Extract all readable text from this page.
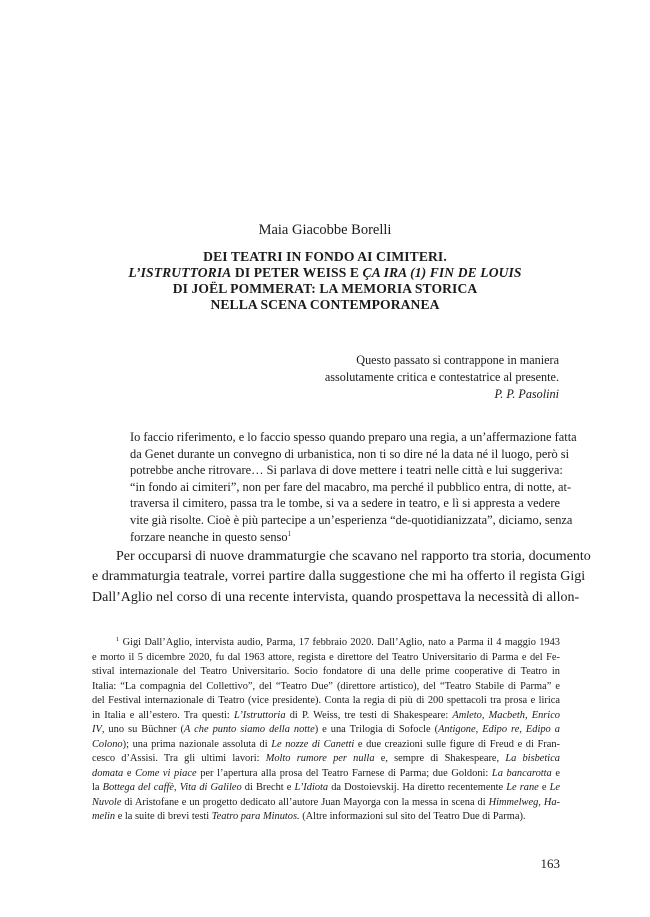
Maia Giacobbe Borelli
DEI TEATRI IN FONDO AI CIMITERI.
L’ISTRUTTORIA DI PETER WEISS E ÇA IRA (1) FIN DE LOUIS
DI JOËL POMMERAT: LA MEMORIA STORICA
NELLA SCENA CONTEMPORANEA
Questo passato si contrappone in maniera
assolutamente critica e contestatrice al presente.
P. P. Pasolini
Io faccio riferimento, e lo faccio spesso quando preparo una regia, a un’affermazione fatta
da Genet durante un convegno di urbanistica, non ti so dire né la data né il luogo, però si
potrebbe anche ritrovare… Si parlava di dove mettere i teatri nelle città e lui suggeriva:
“in fondo ai cimiteri”, non per fare del macabro, ma perché il pubblico entra, di notte, at-
traversa il cimitero, passa tra le tombe, si va a sedere in teatro, e lì si appresta a vedere
vite già risolte. Cioè è più partecipe a un’esperienza “de-quotidianizzata”, diciamo, senza
forzare neanche in questo senso$^1$
Per occuparsi di nuove drammaturgie che scavano nel rapporto tra storia, documento
e drammaturgia teatrale, vorrei partire dalla suggestione che mi ha offerto il regista Gigi
Dall’Aglio nel corso di una recente intervista, quando prospettava la necessità di allon-
$^1$ Gigi Dall’Aglio, intervista audio, Parma, 17 febbraio 2020. Dall’Aglio, nato a Parma il 4 maggio 1943
e morto il 5 dicembre 2020, fu dal 1963 attore, regista e direttore del Teatro Universitario di Parma e del Fe-
stival internazionale del Teatro Universitario. Socio fondatore di una delle prime cooperative di Teatro in
Italia: “La compagnia del Collettivo”, del “Teatro Due” (direttore artistico), del “Teatro Stabile di Parma” e
del Festival internazionale di Teatro (vice presidente). Conta la regia di più di 200 spettacoli tra prosa e lirica
in Italia e all’estero. Tra questi: L’Istruttoria di P. Weiss, tre testi di Shakespeare: Amleto, Macbeth, Enrico
IV, uno su Büchner (A che punto siamo della notte) e una Trilogia di Sofocle (Antigone, Edipo re, Edipo a
Colono); una prima nazionale assoluta di Le nozze di Canetti e due creazioni sulle figure di Freud e di Fran-
cesco d’Assisi. Tra gli ultimi lavori: Molto rumore per nulla e, sempre di Shakespeare, La bisbetica
domata e Come vi piace per l’apertura alla prosa del Teatro Farnese di Parma; due Goldoni: La bancarotta e
la Bottega del caffè, Vita di Galileo di Brecht e L’Idiota da Dostoievskij. Ha diretto recentemente Le rane e Le
Nuvole di Aristofane e un progetto dedicato all’autore Juan Mayorga con la messa in scena di Himmelweg, Ha-
melin e la suite di brevi testi Teatro para Minutos. (Altre informazioni sul sito del Teatro Due di Parma).
163
